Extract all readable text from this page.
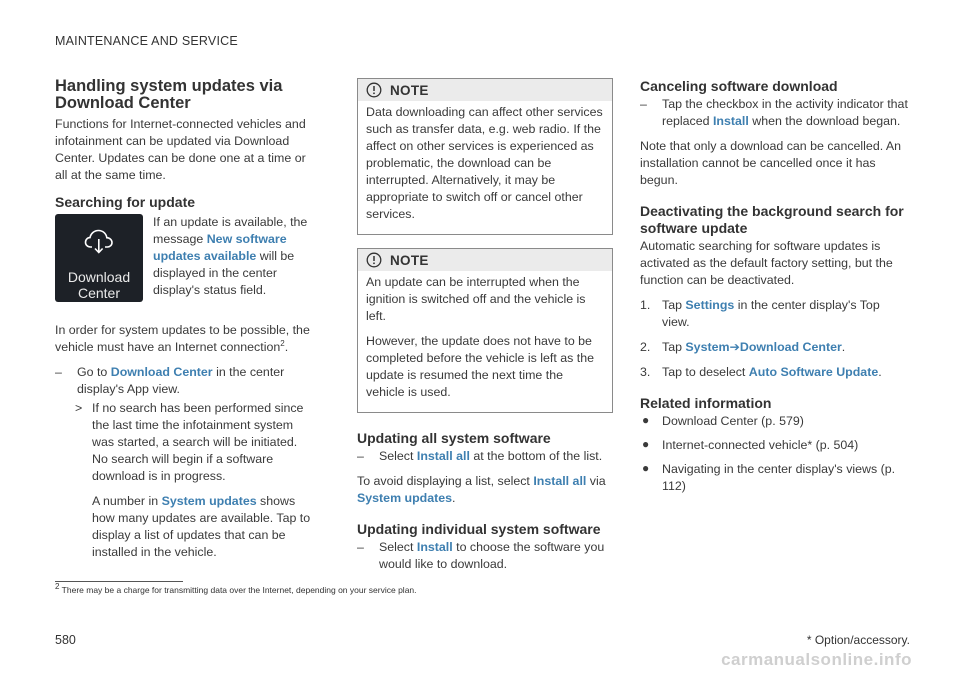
MAINTENANCE AND SERVICE
Handling system updates via Download Center

Functions for Internet-connected vehicles and infotainment can be updated via Download Center. Updates can be done one at a time or all at the same time.

Searching for update
Download
Center

If an update is available, the message New software updates available will be displayed in the center display's status field.

In order for system updates to be possible, the vehicle must have an Internet connection$^2$.

– Go to Download Center in the center display's App view.
> If no search has been performed since the last time the infotainment system was started, a search will be initiated. No search will begin if a software download is in progress.

A number in System updates shows how many updates are available. Tap to display a list of updates that can be installed in the vehicle.

NOTE

Data downloading can affect other services such as transfer data, e.g. web radio. If the affect on other services is experienced as problematic, the download can be interrupted. Alternatively, it may be appropriate to switch off or cancel other services.

NOTE

An update can be interrupted when the ignition is switched off and the vehicle is left.

However, the update does not have to be completed before the vehicle is left as the update is resumed the next time the vehicle is used.

Updating all system software
– Select Install all at the bottom of the list.

To avoid displaying a list, select Install all via System updates.

Updating individual system software
– Select Install to choose the software you would like to download.
Canceling software download
– Tap the checkbox in the activity indicator that replaced Install when the download began.

Note that only a download can be cancelled. An installation cannot be cancelled once it has begun.

Deactivating the background search for software update

Automatic searching for software updates is activated as the default factory setting, but the function can be deactivated.

1. Tap Settings in the center display's Top view.
2. Tap System➔Download Center.
3. Tap to deselect Auto Software Update.
Related information
● Download Center (p. 579)
● Internet-connected vehicle* (p. 504)
● Navigating in the center display's views (p. 112)
2 There may be a charge for transmitting data over the Internet, depending on your service plan.
580	* Option/accessory.
carmanualsonline.info
